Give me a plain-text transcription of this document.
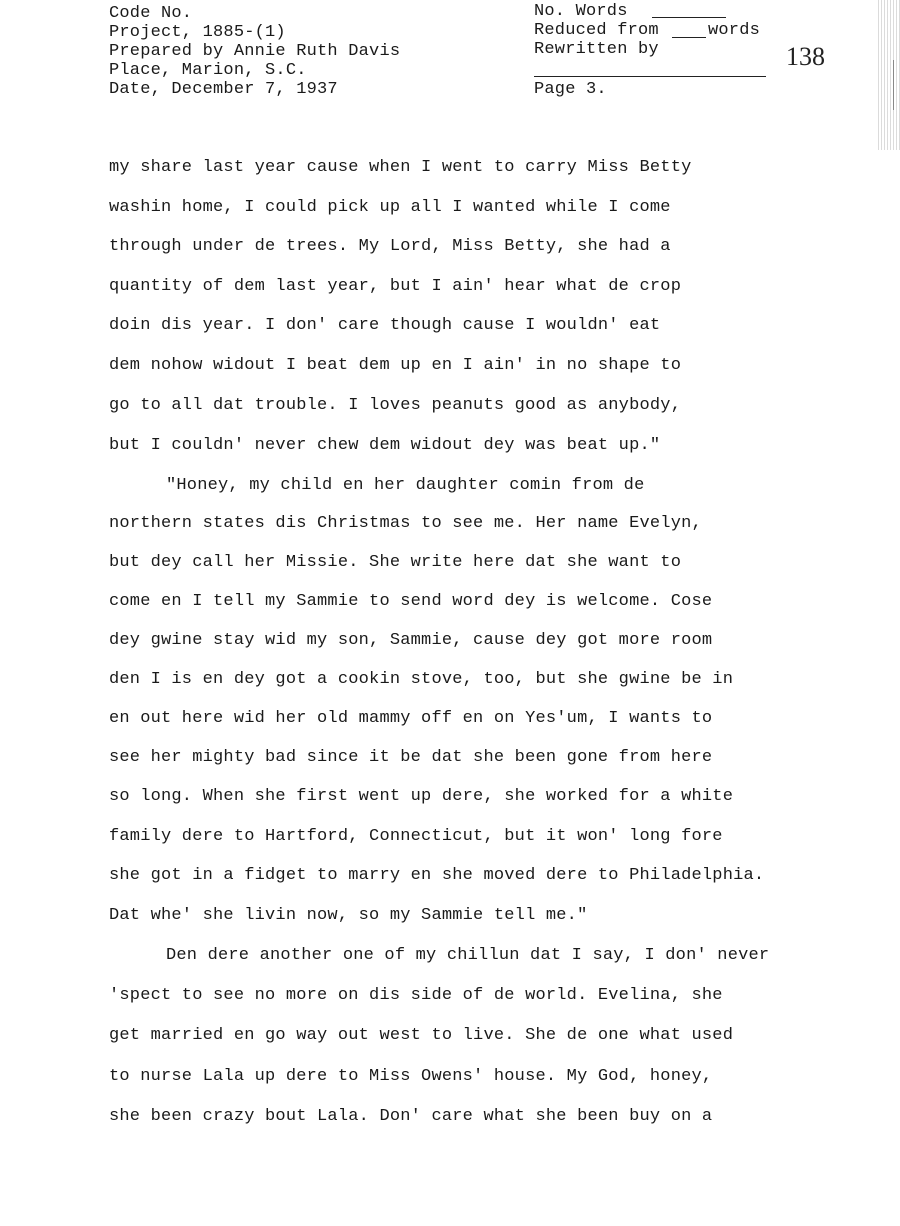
Code No.
Project, 1885-(1)
Prepared by Annie Ruth Davis
Place, Marion, S.C.
Date, December 7, 1937
No. Words
Reduced from	words
Rewritten by
Page 3.
138
my share last year cause when I went to carry Miss Betty
washin home, I could pick up all I wanted while I come
through under de trees. My Lord, Miss Betty, she had a
quantity of dem last year, but I ain' hear what de crop
doin dis year. I don' care though cause I wouldn' eat
dem nohow widout I beat dem up en I ain' in no shape to
go to all dat trouble. I loves peanuts good as anybody,
but I couldn' never chew dem widout dey was beat up."
"Honey, my child en her daughter comin from de
northern states dis Christmas to see me. Her name Evelyn,
but dey call her Missie. She write here dat she want to
come en I tell my Sammie to send word dey is welcome. Cose
dey gwine stay wid my son, Sammie, cause dey got more room
den I is en dey got a cookin stove, too, but she gwine be in
en out here wid her old mammy off en on Yes'um, I wants to
see her mighty bad since it be dat she been gone from here
so long. When she first went up dere, she worked for a white
family dere to Hartford, Connecticut, but it won' long fore
she got in a fidget to marry en she moved dere to Philadelphia.
Dat whe' she livin now, so my Sammie tell me."
Den dere another one of my chillun dat I say, I don' never
'spect to see no more on dis side of de world. Evelina, she
get married en go way out west to live. She de one what used
to nurse Lala up dere to Miss Owens' house. My God, honey,
she been crazy bout Lala. Don' care what she been buy on a
